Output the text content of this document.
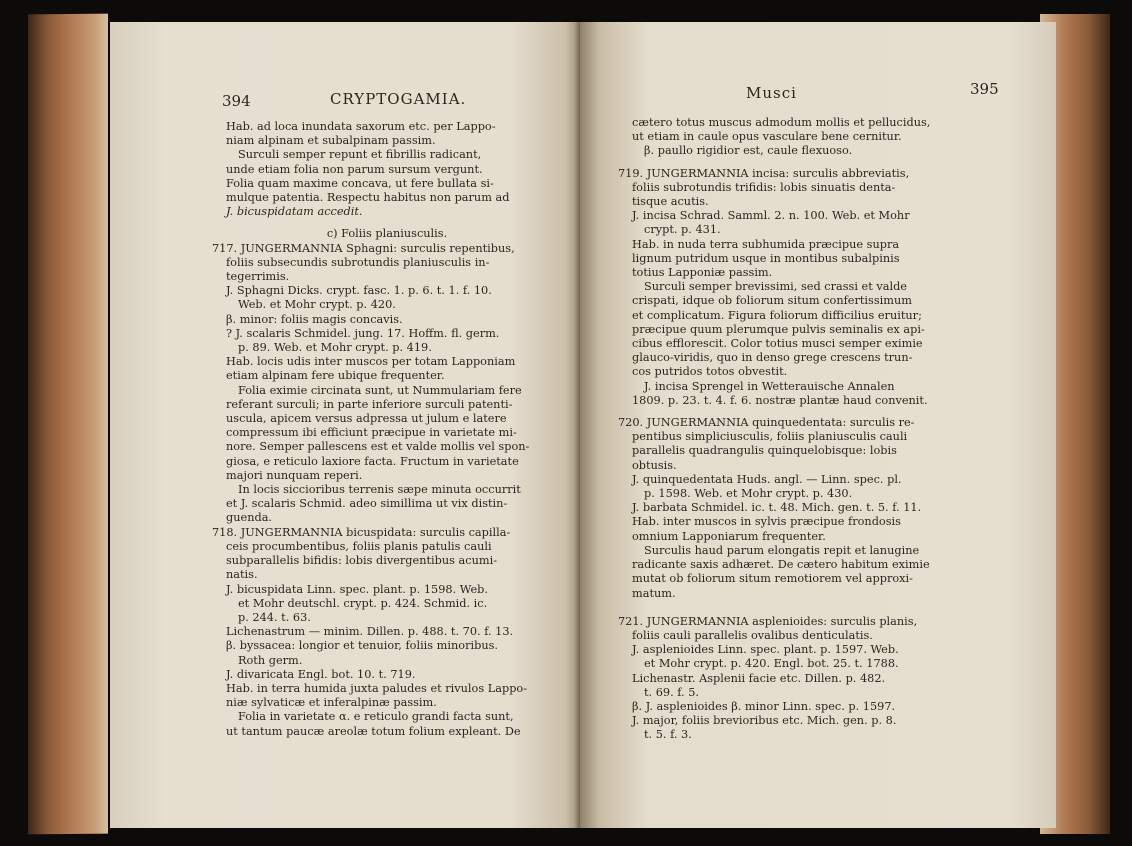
394	CRYPTOGAMIA.

Hab. ad loca inundata saxorum etc. per Lappo-

niam alpinam et subalpinam passim.

Surculi semper repunt et fibrillis radicant,

unde etiam folia non parum sursum vergunt.

Folia quam maxime concava, ut fere bullata si-

mulque patentia. Respectu habitus non parum ad

J. bicuspidatam accedit.

c) Foliis planiusculis.

717. JUNGERMANNIA Sphagni: surculis repentibus,

foliis subsecundis subrotundis planiusculis in-

tegerrimis.

J. Sphagni Dicks. crypt. fasc. 1. p. 6. t. 1. f. 10.

Web. et Mohr crypt. p. 420.

β. minor: foliis magis concavis.

? J. scalaris Schmidel. jung. 17. Hoffm. fl. germ.

p. 89. Web. et Mohr crypt. p. 419.

Hab. locis udis inter muscos per totam Lapponiam

etiam alpinam fere ubique frequenter.

Folia eximie circinata sunt, ut Nummulariam fere

referant surculi; in parte inferiore surculi patenti-

uscula, apicem versus adpressa ut julum e latere

compressum ibi efficiunt præcipue in varietate mi-

nore. Semper pallescens est et valde mollis vel spon-

giosa, e reticulo laxiore facta. Fructum in varietate

majori nunquam reperi.

In locis siccioribus terrenis sæpe minuta occurrit

et J. scalaris Schmid. adeo simillima ut vix distin-

guenda.

718. JUNGERMANNIA bicuspidata: surculis capilla-

ceis procumbentibus, foliis planis patulis cauli

subparallelis bifidis: lobis divergentibus acumi-

natis.

J. bicuspidata Linn. spec. plant. p. 1598. Web.

et Mohr deutschl. crypt. p. 424. Schmid. ic.

p. 244. t. 63.

Lichenastrum — minim. Dillen. p. 488. t. 70. f. 13.

β. byssacea: longior et tenuior, foliis minoribus.

Roth germ.

J. divaricata Engl. bot. 10. t. 719.

Hab. in terra humida juxta paludes et rivulos Lappo-

niæ sylvaticæ et inferalpinæ passim.

Folia in varietate α. e reticulo grandi facta sunt,

ut tantum paucæ areolæ totum folium expleant. De

Musci	395

cætero totus muscus admodum mollis et pellucidus,

ut etiam in caule opus vasculare bene cernitur.

β. paullo rigidior est, caule flexuoso.

719. JUNGERMANNIA incisa: surculis abbreviatis,

foliis subrotundis trifidis: lobis sinuatis denta-

tisque acutis.

J. incisa Schrad. Samml. 2. n. 100. Web. et Mohr

crypt. p. 431.

Hab. in nuda terra subhumida præcipue supra

lignum putridum usque in montibus subalpinis

totius Lapponiæ passim.

Surculi semper brevissimi, sed crassi et valde

crispati, idque ob foliorum situm confertissimum

et complicatum. Figura foliorum difficilius eruitur;

præcipue quum plerumque pulvis seminalis ex api-

cibus efflorescit. Color totius musci semper eximie

glauco-viridis, quo in denso grege crescens trun-

cos putridos totos obvestit.

J. incisa Sprengel in Wetterauische Annalen

1809. p. 23. t. 4. f. 6. nostræ plantæ haud convenit.

720. JUNGERMANNIA quinquedentata: surculis re-

pentibus simpliciusculis, foliis planiusculis cauli

parallelis quadrangulis quinquelobisque: lobis

obtusis.

J. quinquedentata Huds. angl. — Linn. spec. pl.

p. 1598. Web. et Mohr crypt. p. 430.

J. barbata Schmidel. ic. t. 48. Mich. gen. t. 5. f. 11.

Hab. inter muscos in sylvis præcipue frondosis

omnium Lapponiarum frequenter.

Surculis haud parum elongatis repit et lanugine

radicante saxis adhæret. De cætero habitum eximie

mutat ob foliorum situm remotiorem vel approxi-

matum.

721. JUNGERMANNIA asplenioides: surculis planis,

foliis cauli parallelis ovalibus denticulatis.

J. asplenioides Linn. spec. plant. p. 1597. Web.

et Mohr crypt. p. 420. Engl. bot. 25. t. 1788.

Lichenastr. Asplenii facie etc. Dillen. p. 482.

t. 69. f. 5.

β. J. asplenioides β. minor Linn. spec. p. 1597.

J. major, foliis brevioribus etc. Mich. gen. p. 8.

t. 5. f. 3.
